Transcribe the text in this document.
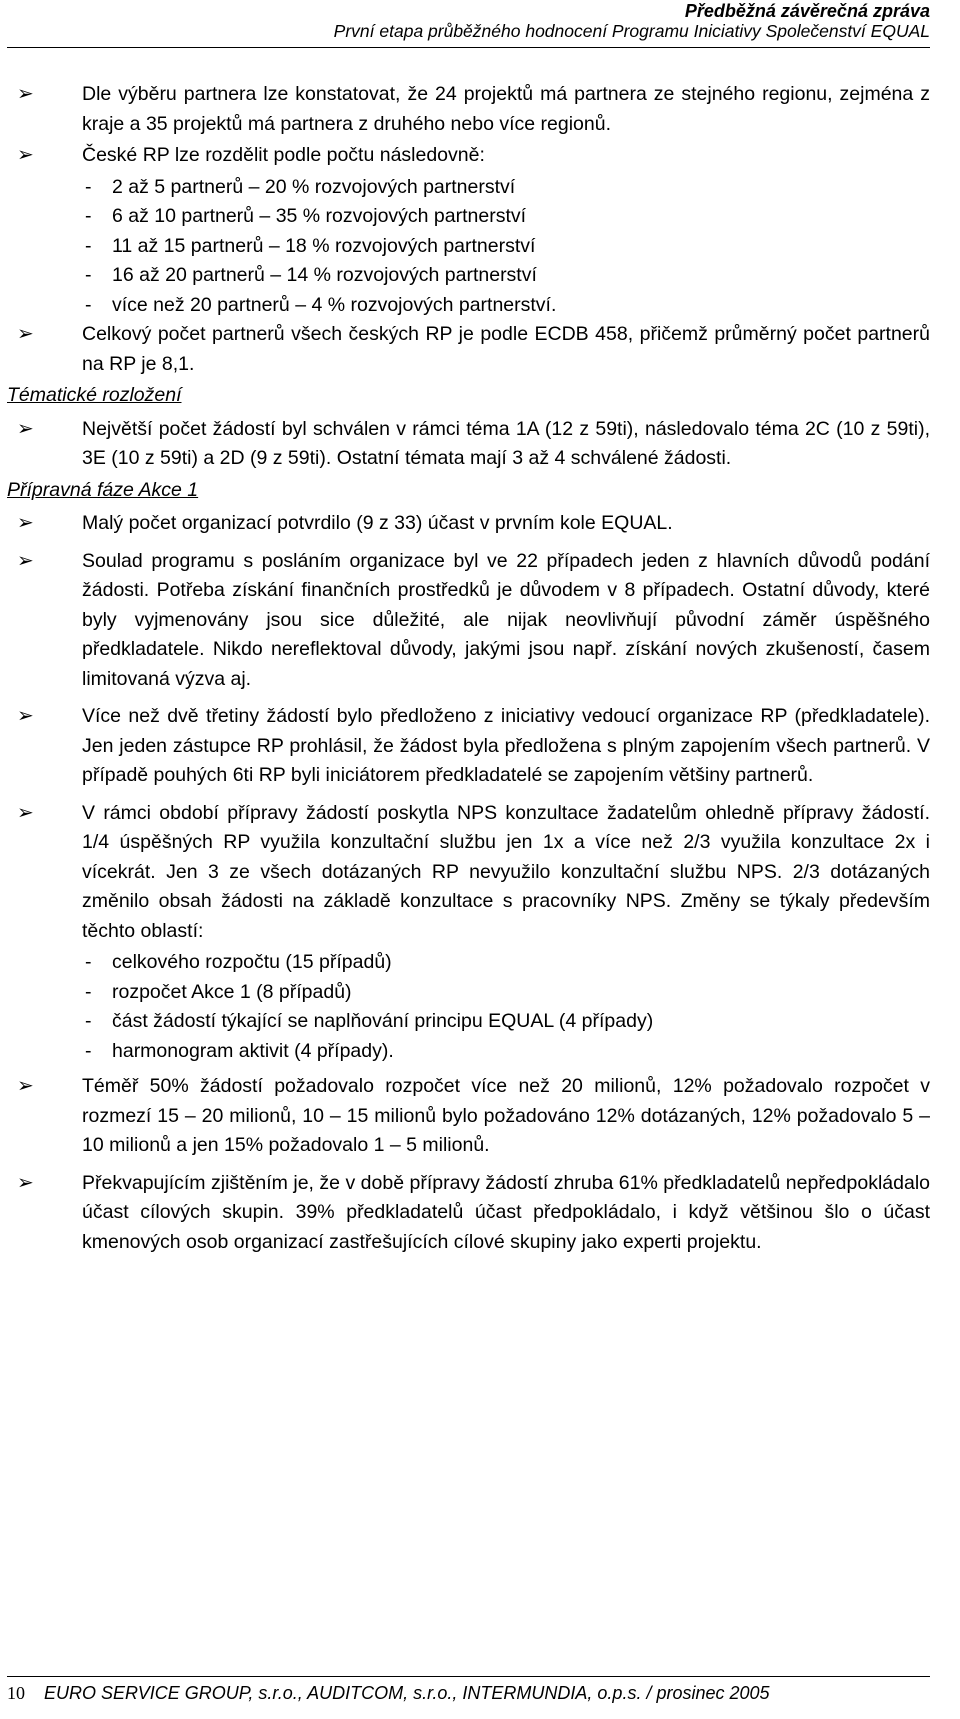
Předběžná závěrečná zpráva
První etapa průběžného hodnocení Programu Iniciativy Společenství EQUAL
➢ Dle výběru partnera lze konstatovat, že 24 projektů má partnera ze stejného regionu, zejména z kraje a 35 projektů má partnera z druhého nebo více regionů.
➢ České RP lze rozdělit podle počtu následovně:
- 2 až 5 partnerů – 20 % rozvojových partnerství
- 6 až 10 partnerů – 35 % rozvojových partnerství
- 11 až 15 partnerů – 18 % rozvojových partnerství
- 16 až 20 partnerů – 14 % rozvojových partnerství
- více než 20 partnerů – 4 % rozvojových partnerství.
➢ Celkový počet partnerů všech českých RP je podle ECDB 458, přičemž průměrný počet partnerů na RP je 8,1.
Tématické rozložení
➢ Největší počet žádostí byl schválen v rámci téma 1A (12 z 59ti), následovalo téma 2C (10 z 59ti), 3E (10 z 59ti) a 2D (9 z 59ti). Ostatní témata mají 3 až 4 schválené žádosti.
Přípravná fáze Akce 1
➢ Malý počet organizací potvrdilo (9 z 33) účast v prvním kole EQUAL.
➢ Soulad programu s posláním organizace byl ve 22 případech jeden z hlavních důvodů podání žádosti. Potřeba získání finančních prostředků je důvodem v 8 případech. Ostatní důvody, které byly vyjmenovány jsou sice důležité, ale nijak neovlivňují původní záměr úspěšného předkladatele. Nikdo nereflektoval důvody, jakými jsou např. získání nových zkušeností, časem limitovaná výzva aj.
➢ Více než dvě třetiny žádostí bylo předloženo z iniciativy vedoucí organizace RP (předkladatele). Jen jeden zástupce RP prohlásil, že žádost byla předložena s plným zapojením všech partnerů. V případě pouhých 6ti RP byli iniciátorem předkladatelé se zapojením většiny partnerů.
➢ V rámci období přípravy žádostí poskytla NPS konzultace žadatelům ohledně přípravy žádostí. 1/4 úspěšných RP využila konzultační službu jen 1x a více než 2/3 využila konzultace 2x i vícekrát. Jen 3 ze všech dotázaných RP nevyužilo konzultační službu NPS. 2/3 dotázaných změnilo obsah žádosti na základě konzultace s pracovníky NPS. Změny se týkaly především těchto oblastí:
- celkového rozpočtu (15 případů)
- rozpočet Akce 1 (8 případů)
- část žádostí týkající se naplňování principu EQUAL (4 případy)
- harmonogram aktivit (4 případy).
➢ Téměř 50% žádostí požadovalo rozpočet více než 20 milionů, 12% požadovalo rozpočet v rozmezí 15 – 20 milionů, 10 – 15 milionů bylo požadováno 12% dotázaných, 12% požadovalo 5 – 10 milionů a jen 15% požadovalo 1 – 5 milionů.
➢ Překvapujícím zjištěním je, že v době přípravy žádostí zhruba 61% předkladatelů nepředpokládalo účast cílových skupin. 39% předkladatelů účast předpokládalo, i když většinou šlo o účast kmenových osob organizací zastřešujících cílové skupiny jako experti projektu.
10 EURO SERVICE GROUP, s.r.o., AUDITCOM, s.r.o., INTERMUNDIA, o.p.s. / prosinec 2005
